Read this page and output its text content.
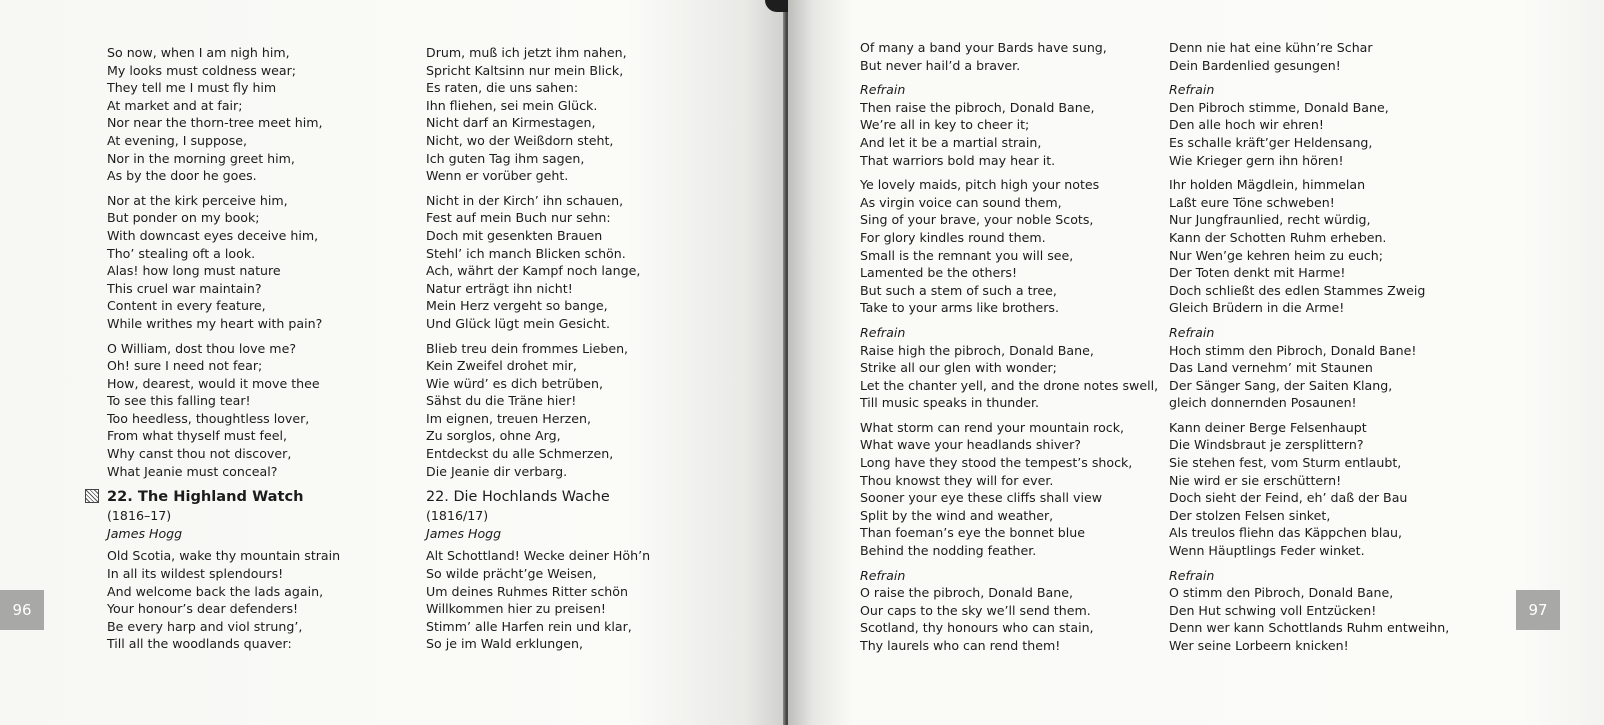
So now, when I am nigh him,

My looks must coldness wear;

They tell me I must fly him

At market and at fair;

Nor near the thorn-tree meet him,

At evening, I suppose,

Nor in the morning greet him,

As by the door he goes.

Nor at the kirk perceive him,

But ponder on my book;

With downcast eyes deceive him,

Tho’ stealing oft a look.

Alas! how long must nature

This cruel war maintain?

Content in every feature,

While writhes my heart with pain?

O William, dost thou love me?

Oh! sure I need not fear;

How, dearest, would it move thee

To see this falling tear!

Too heedless, thoughtless lover,

From what thyself must feel,

Why canst thou not discover,

What Jeanie must conceal?

22. The Highland Watch
(1816–17)
James Hogg

Old Scotia, wake thy mountain strain

In all its wildest splendours!

And welcome back the lads again,

Your honour’s dear defenders!

Be every harp and viol strung’,

Till all the woodlands quaver:

Drum, muß ich jetzt ihm nahen,

Spricht Kaltsinn nur mein Blick,

Es raten, die uns sahen:

Ihn fliehen, sei mein Glück.

Nicht darf an Kirmestagen,

Nicht, wo der Weißdorn steht,

Ich guten Tag ihm sagen,

Wenn er vorüber geht.

Nicht in der Kirch’ ihn schauen,

Fest auf mein Buch nur sehn:

Doch mit gesenkten Brauen

Stehl’ ich manch Blicken schön.

Ach, währt der Kampf noch lange,

Natur erträgt ihn nicht!

Mein Herz vergeht so bange,

Und Glück lügt mein Gesicht.

Blieb treu dein frommes Lieben,

Kein Zweifel drohet mir,

Wie würd’ es dich betrüben,

Sähst du die Träne hier!

Im eignen, treuen Herzen,

Zu sorglos, ohne Arg,

Entdeckst du alle Schmerzen,

Die Jeanie dir verbarg.

22. Die Hochlands Wache
(1816/17)
James Hogg

Alt Schottland! Wecke deiner Höh’n

So wilde prächt’ge Weisen,

Um deines Ruhmes Ritter schön

Willkommen hier zu preisen!

Stimm’ alle Harfen rein und klar,

So je im Wald erklungen,

96

Of many a band your Bards have sung,

But never hail’d a braver.

Refrain

Then raise the pibroch, Donald Bane,

We’re all in key to cheer it;

And let it be a martial strain,

That warriors bold may hear it.

Ye lovely maids, pitch high your notes

As virgin voice can sound them,

Sing of your brave, your noble Scots,

For glory kindles round them.

Small is the remnant you will see,

Lamented be the others!

But such a stem of such a tree,

Take to your arms like brothers.

Refrain

Raise high the pibroch, Donald Bane,

Strike all our glen with wonder;

Let the chanter yell, and the drone notes swell,

Till music speaks in thunder.

What storm can rend your mountain rock,

What wave your headlands shiver?

Long have they stood the tempest’s shock,

Thou knowst they will for ever.

Sooner your eye these cliffs shall view

Split by the wind and weather,

Than foeman’s eye the bonnet blue

Behind the nodding feather.

Refrain

O raise the pibroch, Donald Bane,

Our caps to the sky we’ll send them.

Scotland, thy honours who can stain,

Thy laurels who can rend them!

Denn nie hat eine kühn’re Schar

Dein Bardenlied gesungen!

Refrain

Den Pibroch stimme, Donald Bane,

Den alle hoch wir ehren!

Es schalle kräft’ger Heldensang,

Wie Krieger gern ihn hören!

Ihr holden Mägdlein, himmelan

Laßt eure Töne schweben!

Nur Jungfraunlied, recht würdig,

Kann der Schotten Ruhm erheben.

Nur Wen’ge kehren heim zu euch;

Der Toten denkt mit Harme!

Doch schließt des edlen Stammes Zweig

Gleich Brüdern in die Arme!

Refrain

Hoch stimm den Pibroch, Donald Bane!

Das Land vernehm’ mit Staunen

Der Sänger Sang, der Saiten Klang,

gleich donnernden Posaunen!

Kann deiner Berge Felsenhaupt

Die Windsbraut je zersplittern?

Sie stehen fest, vom Sturm entlaubt,

Nie wird er sie erschüttern!

Doch sieht der Feind, eh’ daß der Bau

Der stolzen Felsen sinket,

Als treulos fliehn das Käppchen blau,

Wenn Häuptlings Feder winket.

Refrain

O stimm den Pibroch, Donald Bane,

Den Hut schwing voll Entzücken!

Denn wer kann Schottlands Ruhm entweihn,

Wer seine Lorbeern knicken!

97
